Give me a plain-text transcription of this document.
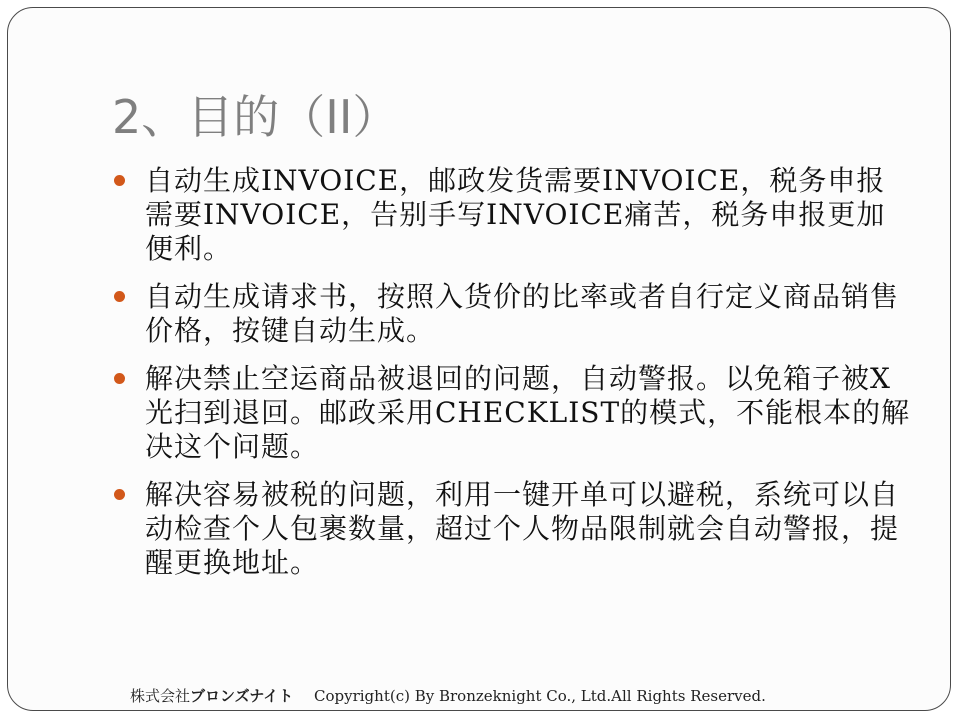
2、目的（II）
自动生成INVOICE，邮政发货需要INVOICE，税务申报需要INVOICE，告别手写INVOICE痛苦，税务申报更加便利。
自动生成请求书，按照入货价的比率或者自行定义商品销售价格，按键自动生成。
解决禁止空运商品被退回的问题，自动警报。以免箱子被X光扫到退回。邮政采用CHECKLIST的模式，不能根本的解决这个问题。
解决容易被税的问题，利用一键开单可以避税，系统可以自动检查个人包裹数量，超过个人物品限制就会自动警报，提醒更换地址。
株式会社ブロンズナイト Copyright(c) By Bronzeknight Co., Ltd.All Rights Reserved.
